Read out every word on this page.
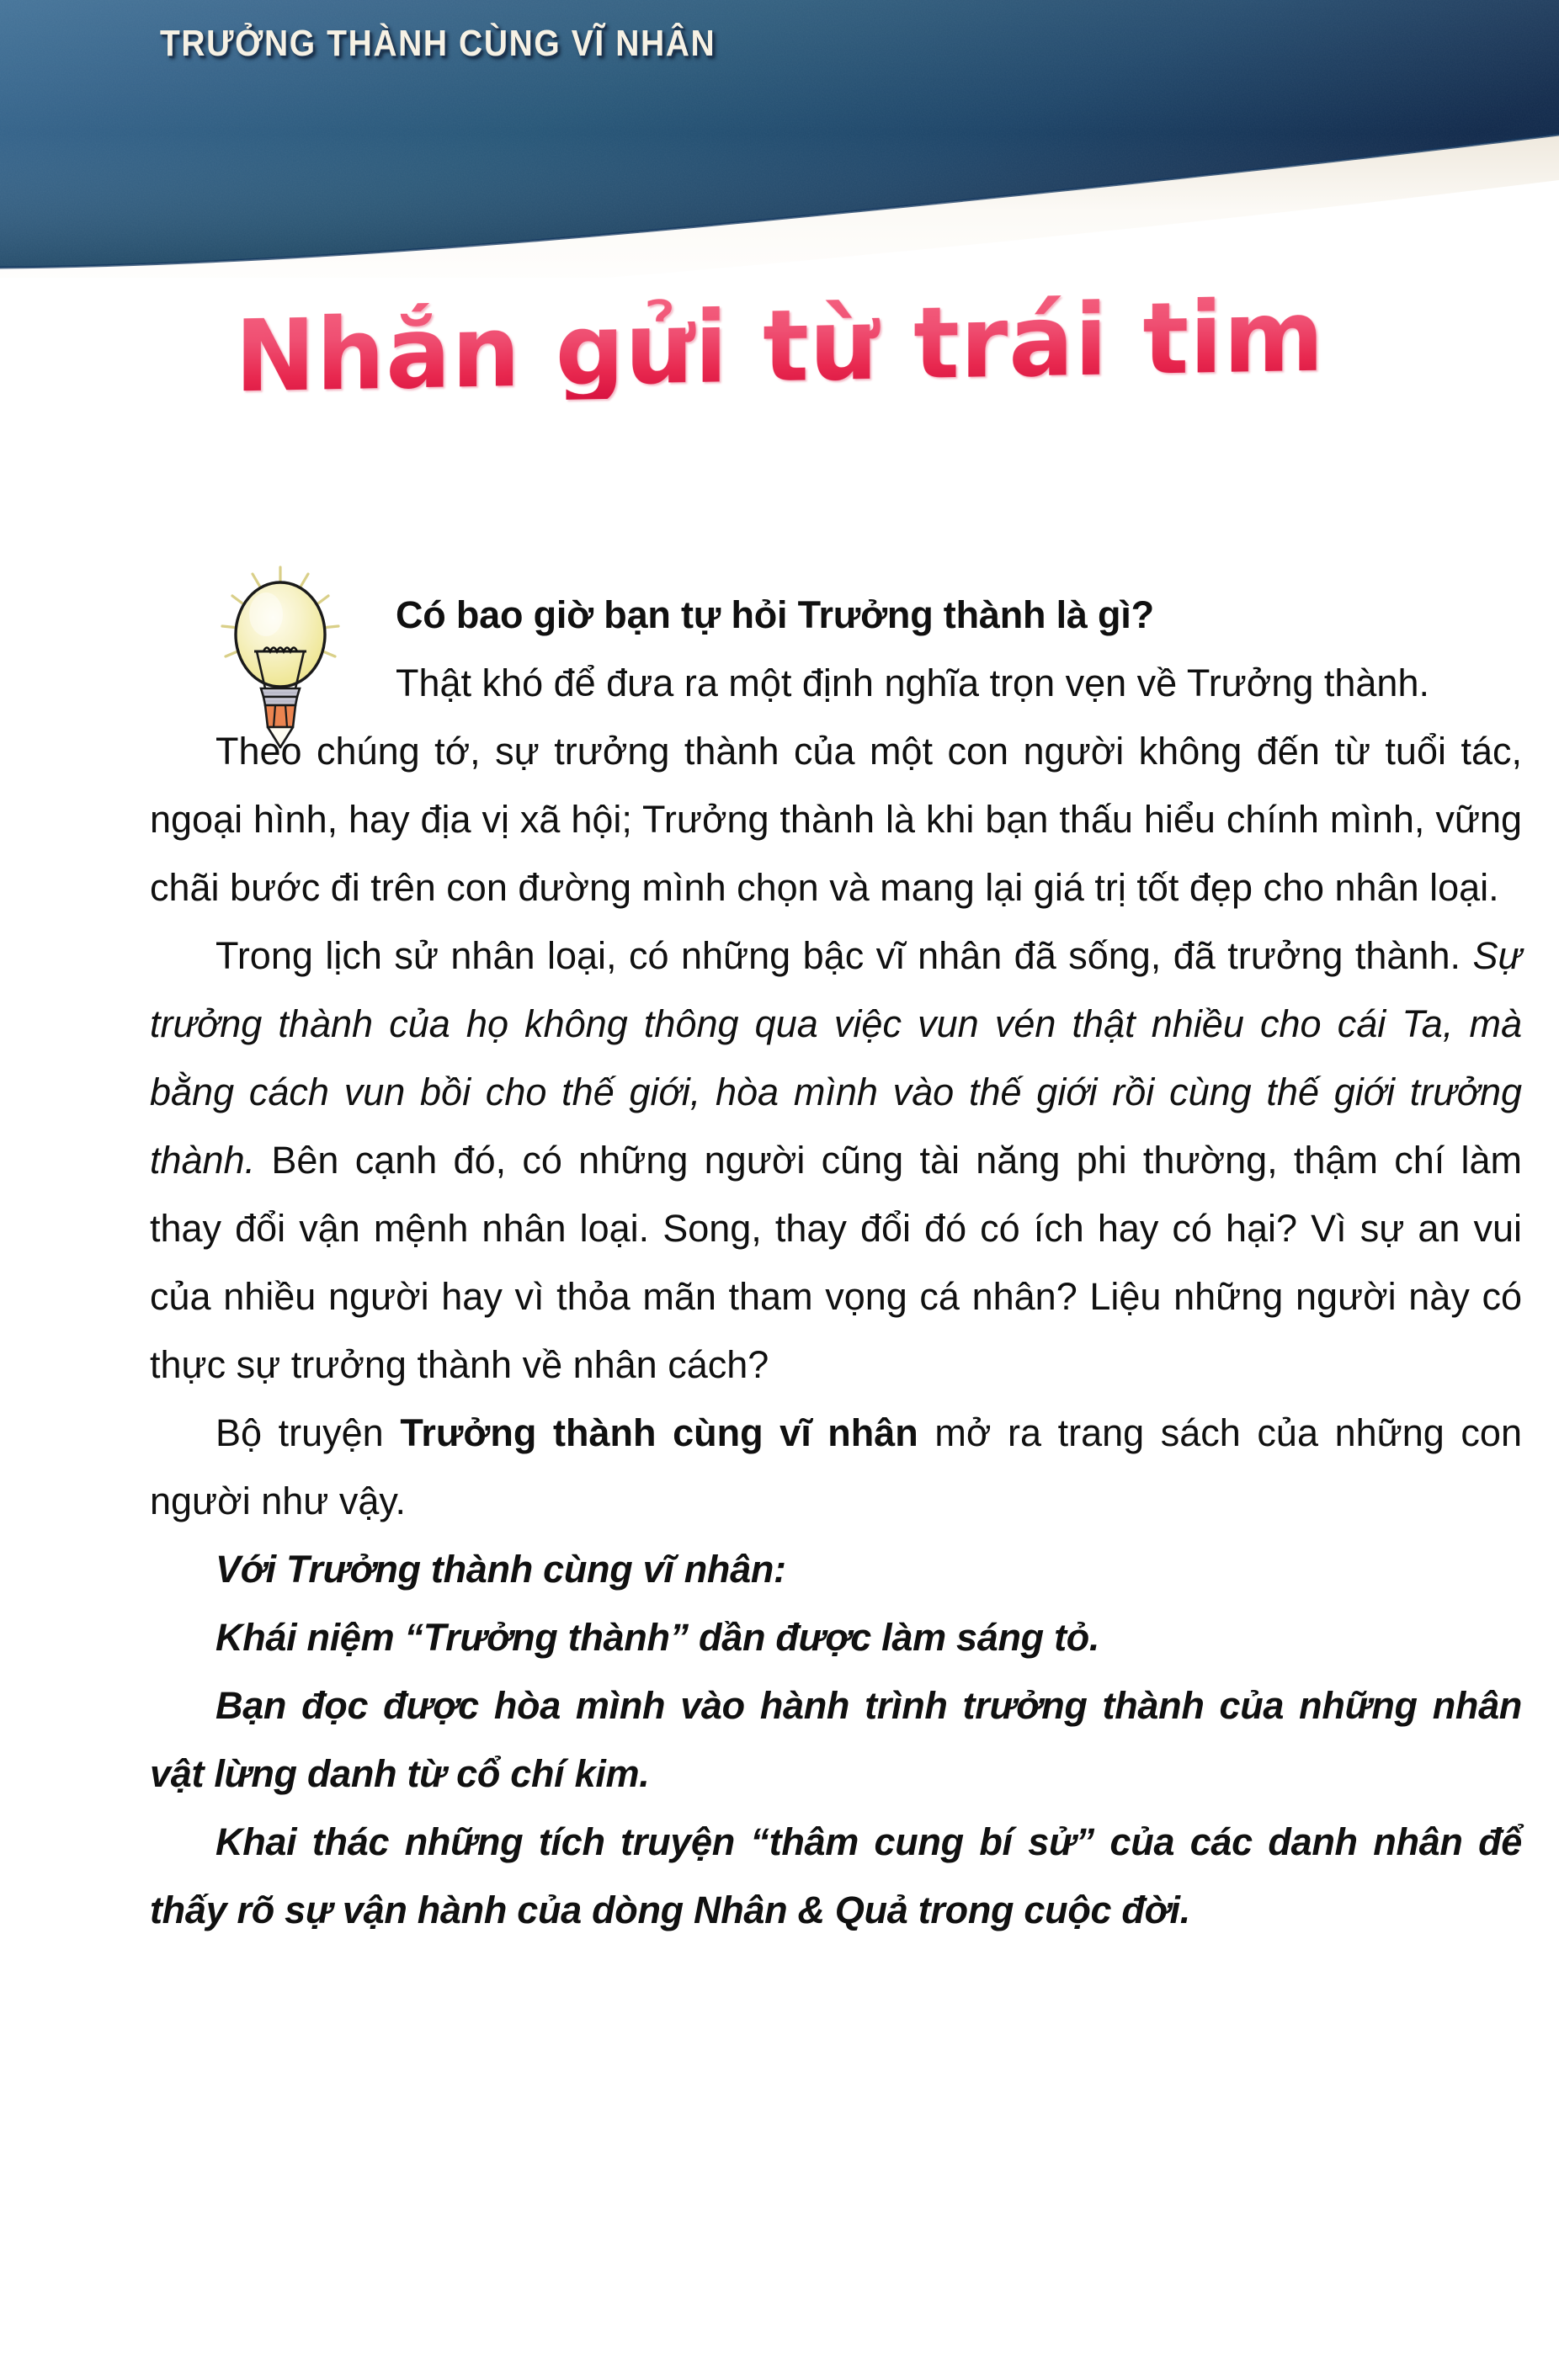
TRƯỞNG THÀNH CÙNG VĨ NHÂN
Nhắn gửi từ trái tim

Có bao giờ bạn tự hỏi Trưởng thành là gì?

Thật khó để đưa ra một định nghĩa trọn vẹn về Trưởng thành.

Theo chúng tớ, sự trưởng thành của một con người không đến từ tuổi tác, ngoại hình, hay địa vị xã hội; Trưởng thành là khi bạn thấu hiểu chính mình, vững chãi bước đi trên con đường mình chọn và mang lại giá trị tốt đẹp cho nhân loại.

Trong lịch sử nhân loại, có những bậc vĩ nhân đã sống, đã trưởng thành. Sự trưởng thành của họ không thông qua việc vun vén thật nhiều cho cái Ta, mà bằng cách vun bồi cho thế giới, hòa mình vào thế giới rồi cùng thế giới trưởng thành. Bên cạnh đó, có những người cũng tài năng phi thường, thậm chí làm thay đổi vận mệnh nhân loại. Song, thay đổi đó có ích hay có hại? Vì sự an vui của nhiều người hay vì thỏa mãn tham vọng cá nhân? Liệu những người này có thực sự trưởng thành về nhân cách?

Bộ truyện Trưởng thành cùng vĩ nhân mở ra trang sách của những con người như vậy.

Với Trưởng thành cùng vĩ nhân:

Khái niệm “Trưởng thành” dần được làm sáng tỏ.

Bạn đọc được hòa mình vào hành trình trưởng thành của những nhân vật lừng danh từ cổ chí kim.

Khai thác những tích truyện “thâm cung bí sử” của các danh nhân để thấy rõ sự vận hành của dòng Nhân & Quả trong cuộc đời.
